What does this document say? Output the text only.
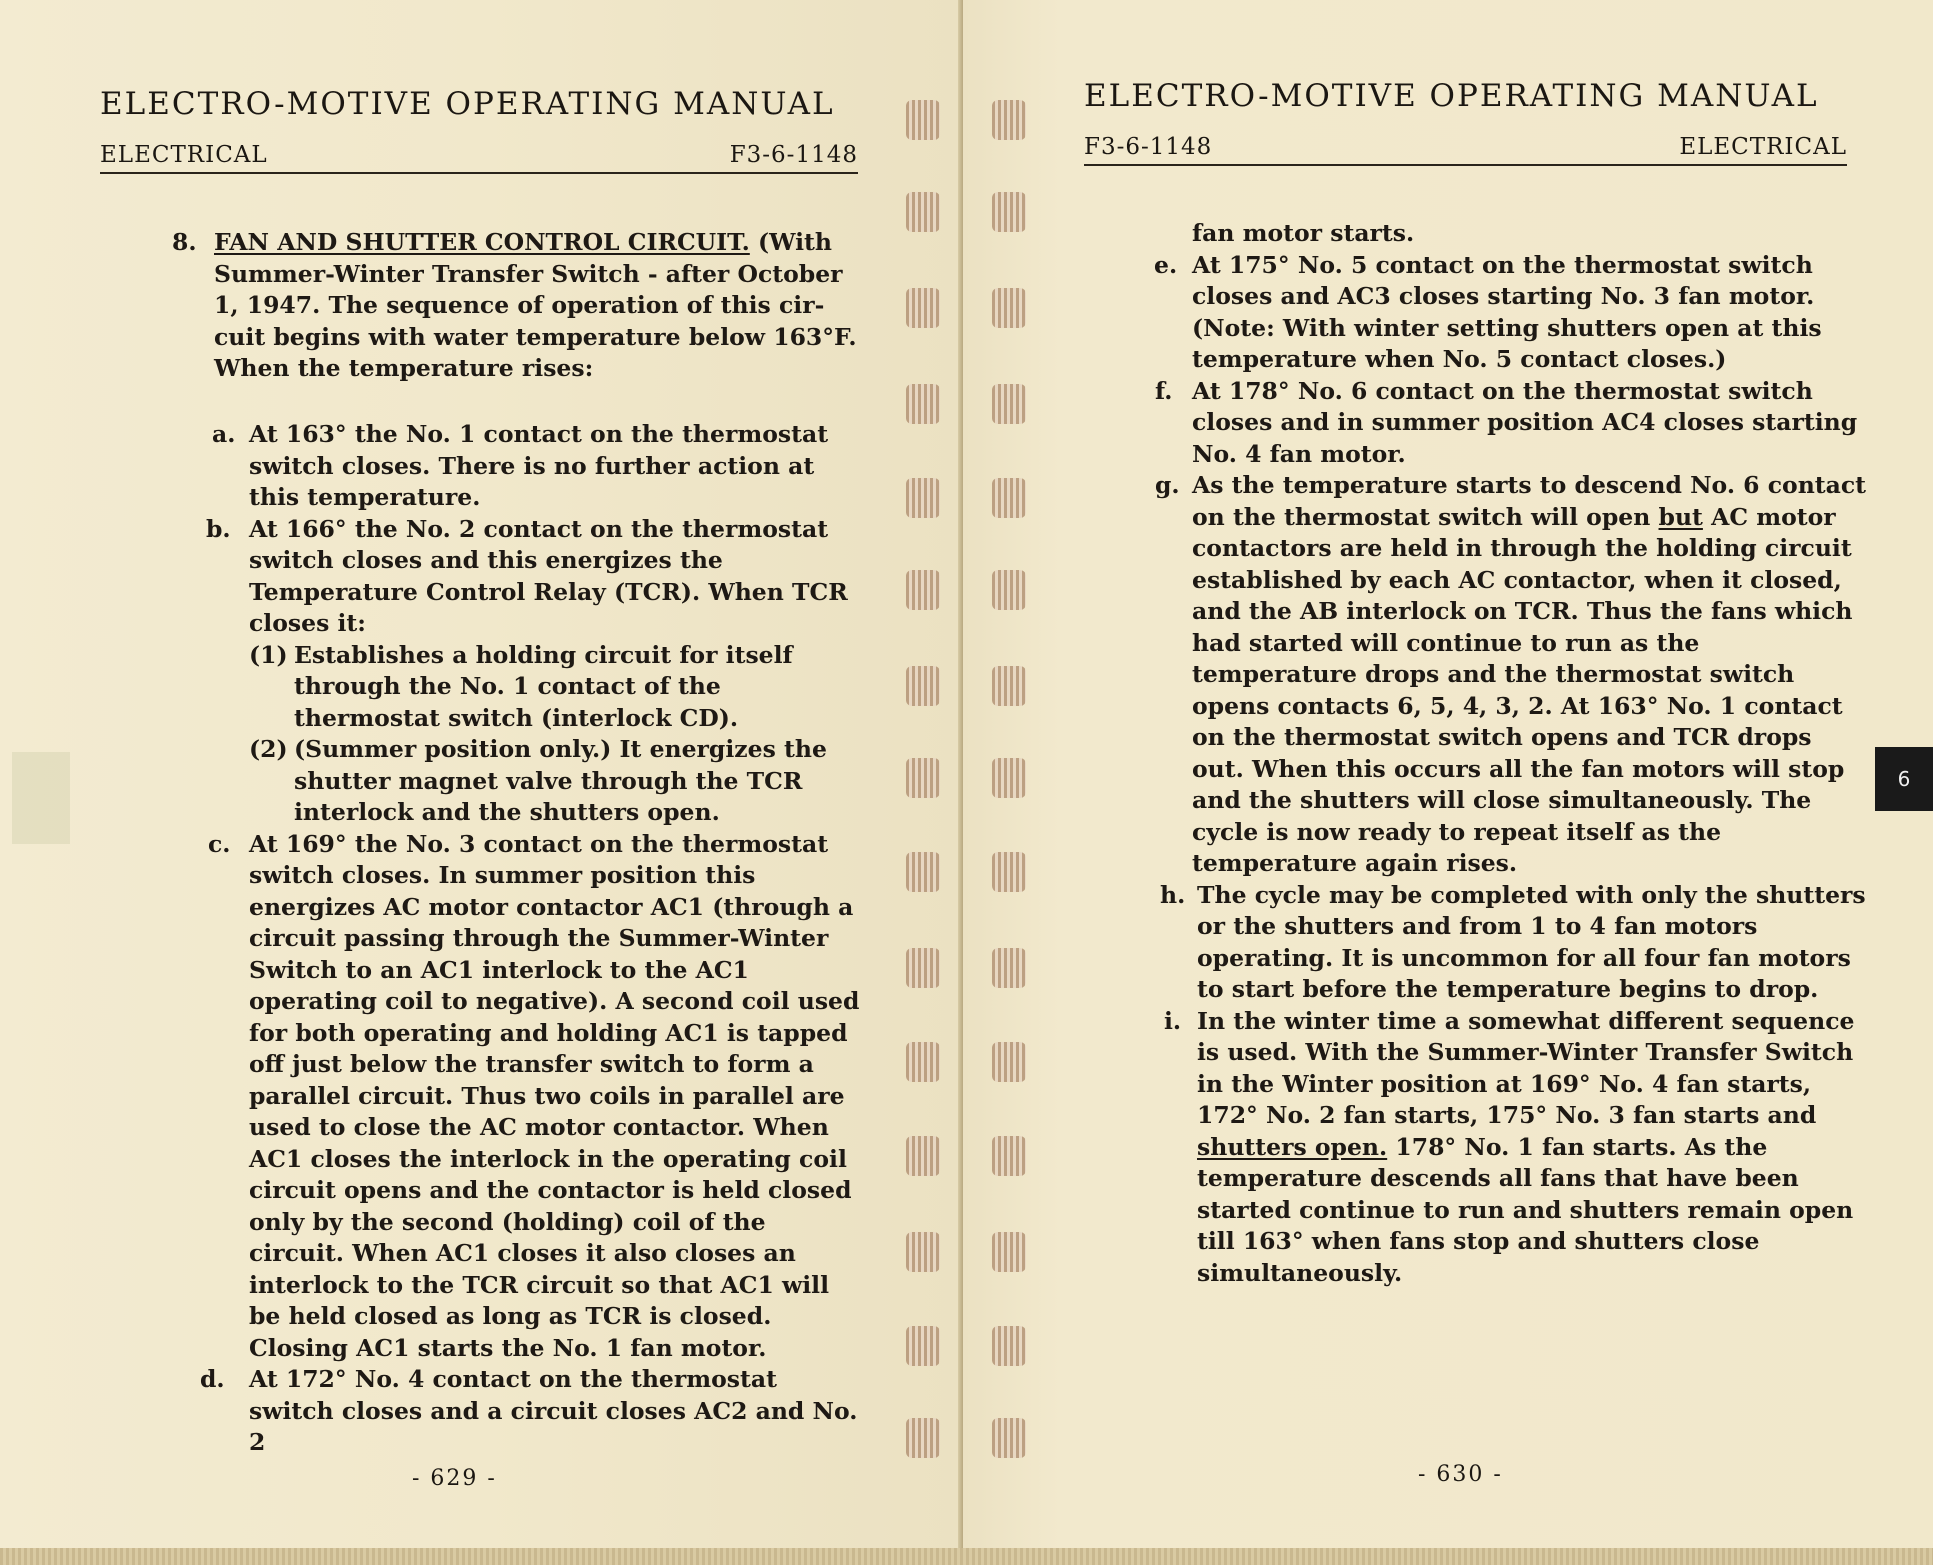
ELECTRO-MOTIVE OPERATING MANUAL
ELECTRICAL	F3-6-1148
8. FAN AND SHUTTER CONTROL CIRCUIT. (With
Summer-Winter Transfer Switch - after October
1, 1947. The sequence of operation of this cir-
cuit begins with water temperature below 163°F.
When the temperature rises:
a. At 163° the No. 1 contact on the thermostat switch closes. There is no further action at this temperature.
b. At 166° the No. 2 contact on the thermostat switch closes and this energizes the Temperature Control Relay (TCR). When TCR closes it:
(1) Establishes a holding circuit for itself through the No. 1 contact of the thermostat switch (interlock CD).
(2) (Summer position only.) It energizes the shutter magnet valve through the TCR interlock and the shutters open.
c. At 169° the No. 3 contact on the thermostat switch closes. In summer position this energizes AC motor contactor AC1 (through a circuit passing through the Summer-Winter Switch to an AC1 interlock to the AC1 operating coil to negative). A second coil used for both operating and holding AC1 is tapped off just below the transfer switch to form a parallel circuit. Thus two coils in parallel are used to close the AC motor contactor. When AC1 closes the interlock in the operating coil circuit opens and the contactor is held closed only by the second (holding) coil of the circuit. When AC1 closes it also closes an interlock to the TCR circuit so that AC1 will be held closed as long as TCR is closed. Closing AC1 starts the No. 1 fan motor.
d. At 172° No. 4 contact on the thermostat switch closes and a circuit closes AC2 and No. 2
- 629 -
ELECTRO-MOTIVE OPERATING MANUAL
F3-6-1148	ELECTRICAL
fan motor starts.
e. At 175° No. 5 contact on the thermostat switch closes and AC3 closes starting No. 3 fan motor. (Note: With winter setting shutters open at this temperature when No. 5 contact closes.)
f. At 178° No. 6 contact on the thermostat switch closes and in summer position AC4 closes starting No. 4 fan motor.
g. As the temperature starts to descend No. 6 contact on the thermostat switch will open but AC motor contactors are held in through the holding circuit established by each AC contactor, when it closed, and the AB interlock on TCR. Thus the fans which had started will continue to run as the temperature drops and the thermostat switch opens contacts 6, 5, 4, 3, 2. At 163° No. 1 contact on the thermostat switch opens and TCR drops out. When this occurs all the fan motors will stop and the shutters will close simultaneously. The cycle is now ready to repeat itself as the temperature again rises.
h. The cycle may be completed with only the shutters or the shutters and from 1 to 4 fan motors operating. It is uncommon for all four fan motors to start before the temperature begins to drop.
i. In the winter time a somewhat different sequence is used. With the Summer-Winter Transfer Switch in the Winter position at 169° No. 4 fan starts, 172° No. 2 fan starts, 175° No. 3 fan starts and shutters open. 178° No. 1 fan starts. As the temperature descends all fans that have been started continue to run and shutters remain open till 163° when fans stop and shutters close simultaneously.
- 630 -
6
